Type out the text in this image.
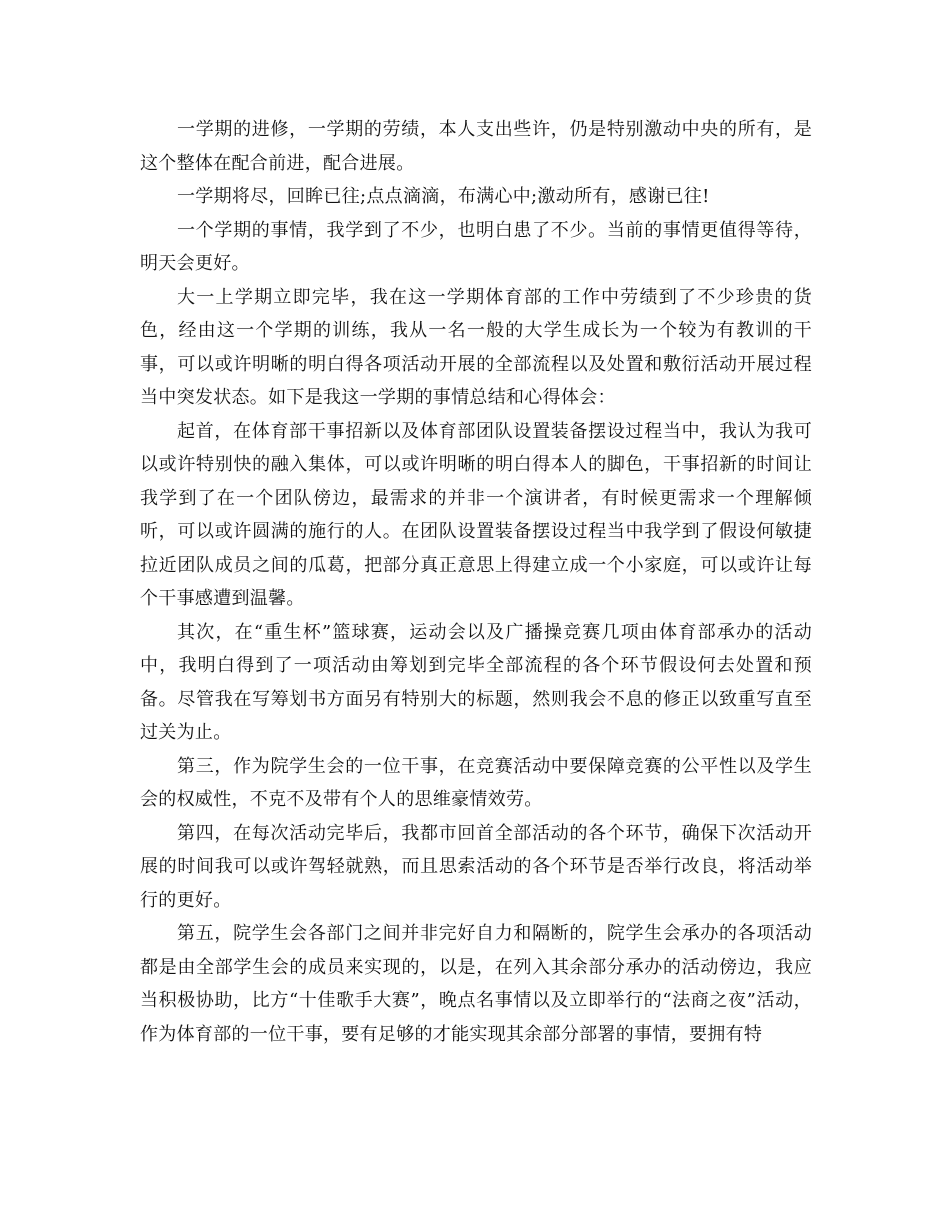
一学期的进修，一学期的劳绩，本人支出些许，仍是特别激动中央的所有，是这个整体在配合前进，配合进展。

一学期将尽，回眸已往;点点滴滴，布满心中;激动所有，感谢已往!

一个学期的事情，我学到了不少，也明白患了不少。当前的事情更值得等待，明天会更好。

大一上学期立即完毕，我在这一学期体育部的工作中劳绩到了不少珍贵的货色，经由这一个学期的训练，我从一名一般的大学生成长为一个较为有教训的干事，可以或许明晰的明白得各项活动开展的全部流程以及处置和敷衍活动开展过程当中突发状态。如下是我这一学期的事情总结和心得体会：

起首，在体育部干事招新以及体育部团队设置装备摆设过程当中，我认为我可以或许特别快的融入集体，可以或许明晰的明白得本人的脚色，干事招新的时间让我学到了在一个团队傍边，最需求的并非一个演讲者，有时候更需求一个理解倾听，可以或许圆满的施行的人。在团队设置装备摆设过程当中我学到了假设何敏捷拉近团队成员之间的瓜葛，把部分真正意思上得建立成一个小家庭，可以或许让每个干事感遭到温馨。

其次，在“重生杯”篮球赛，运动会以及广播操竞赛几项由体育部承办的活动中，我明白得到了一项活动由筹划到完毕全部流程的各个环节假设何去处置和预备。尽管我在写筹划书方面另有特别大的标题，然则我会不息的修正以致重写直至过关为止。

第三，作为院学生会的一位干事，在竞赛活动中要保障竞赛的公平性以及学生会的权威性，不克不及带有个人的思维豪情效劳。

第四，在每次活动完毕后，我都市回首全部活动的各个环节，确保下次活动开展的时间我可以或许驾轻就熟，而且思索活动的各个环节是否举行改良，将活动举行的更好。

第五，院学生会各部门之间并非完好自力和隔断的，院学生会承办的各项活动都是由全部学生会的成员来实现的，以是，在列入其余部分承办的活动傍边，我应当积极协助，比方“十佳歌手大赛”，晚点名事情以及立即举行的“法商之夜”活动，作为体育部的一位干事，要有足够的才能实现其余部分部署的事情，要拥有特
